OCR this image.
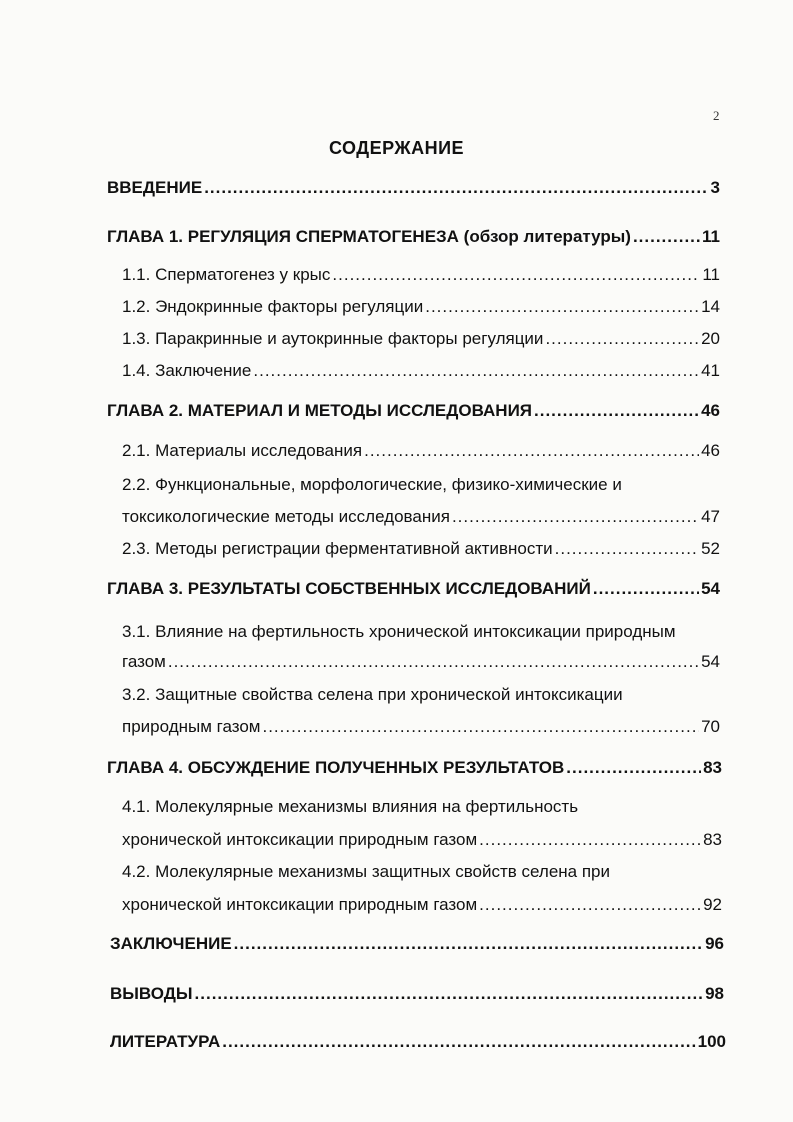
2
СОДЕРЖАНИЕ
ВВЕДЕНИЕ .....	3
ГЛАВА 1. РЕГУЛЯЦИЯ СПЕРМАТОГЕНЕЗА (обзор литературы) .....	11
1.1. Сперматогенез у крыс .....	11
1.2. Эндокринные факторы регуляции .....	14
1.3. Паракринные и аутокринные факторы регуляции .....	20
1.4. Заключение .....	41
ГЛАВА 2. МАТЕРИАЛ И МЕТОДЫ ИССЛЕДОВАНИЯ .....	46
2.1. Материалы исследования .....	46
2.2. Функциональные, морфологические, физико-химические и
токсикологические методы исследования .....	47
2.3. Методы регистрации ферментативной активности .....	52
ГЛАВА 3. РЕЗУЛЬТАТЫ СОБСТВЕННЫХ ИССЛЕДОВАНИЙ .....	54
3.1. Влияние на фертильность хронической интоксикации природным
газом .....	54
3.2. Защитные свойства селена при хронической интоксикации
природным газом .....	70
ГЛАВА 4. ОБСУЖДЕНИЕ ПОЛУЧЕННЫХ РЕЗУЛЬТАТОВ .....	83
4.1. Молекулярные механизмы влияния на фертильность
хронической интоксикации природным газом .....	83
4.2. Молекулярные механизмы защитных свойств селена при
хронической интоксикации природным газом .....	92
ЗАКЛЮЧЕНИЕ .....	96
ВЫВОДЫ .....	98
ЛИТЕРАТУРА .....	100
